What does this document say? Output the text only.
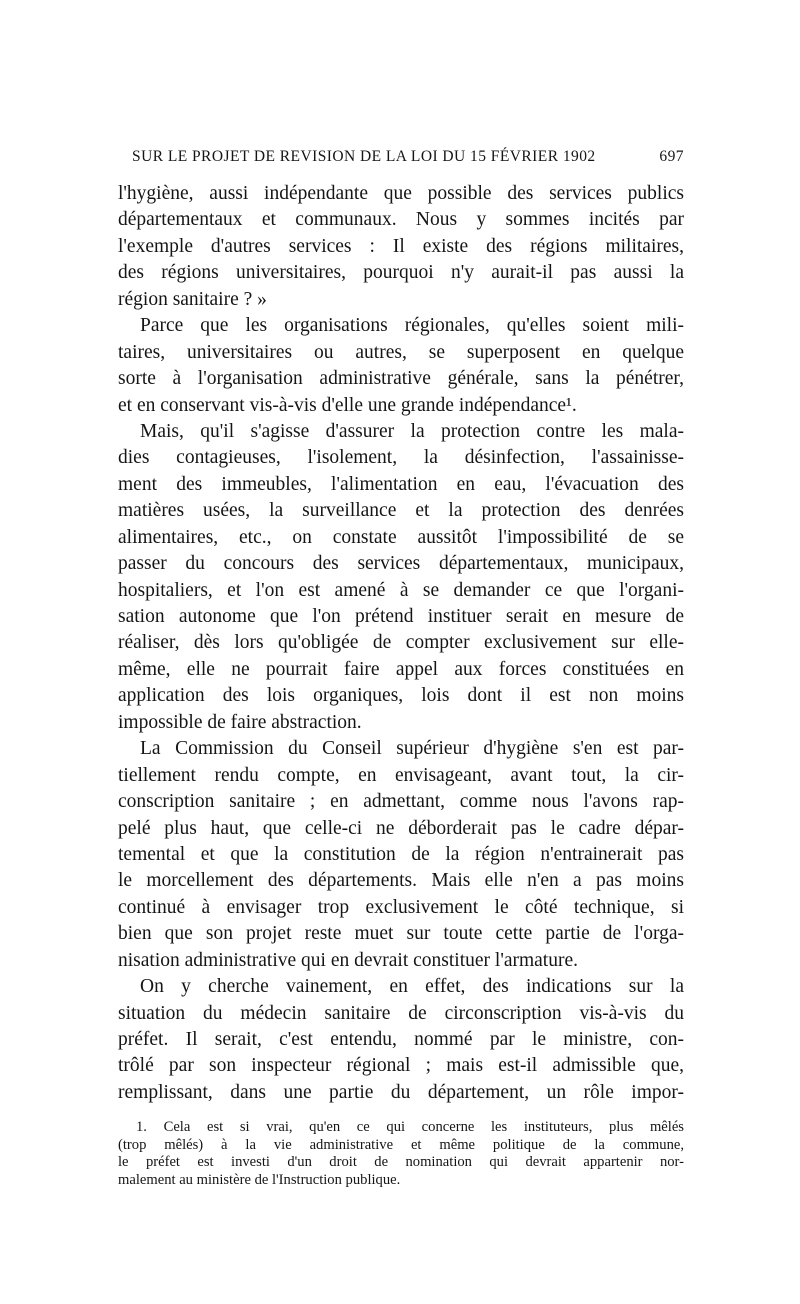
SUR LE PROJET DE REVISION DE LA LOI DU 15 FÉVRIER 1902	697

l'hygiène, aussi indépendante que possible des services publics
départementaux et communaux. Nous y sommes incités par
l'exemple d'autres services : Il existe des régions militaires,
des régions universitaires, pourquoi n'y aurait-il pas aussi la
région sanitaire ? »

Parce que les organisations régionales, qu'elles soient mili-
taires, universitaires ou autres, se superposent en quelque
sorte à l'organisation administrative générale, sans la pénétrer,
et en conservant vis-à-vis d'elle une grande indépendance¹.

Mais, qu'il s'agisse d'assurer la protection contre les mala-
dies contagieuses, l'isolement, la désinfection, l'assainisse-
ment des immeubles, l'alimentation en eau, l'évacuation des
matières usées, la surveillance et la protection des denrées
alimentaires, etc., on constate aussitôt l'impossibilité de se
passer du concours des services départementaux, municipaux,
hospitaliers, et l'on est amené à se demander ce que l'organi-
sation autonome que l'on prétend instituer serait en mesure de
réaliser, dès lors qu'obligée de compter exclusivement sur elle-
même, elle ne pourrait faire appel aux forces constituées en
application des lois organiques, lois dont il est non moins
impossible de faire abstraction.

La Commission du Conseil supérieur d'hygiène s'en est par-
tiellement rendu compte, en envisageant, avant tout, la cir-
conscription sanitaire ; en admettant, comme nous l'avons rap-
pelé plus haut, que celle-ci ne déborderait pas le cadre dépar-
temental et que la constitution de la région n'entrainerait pas
le morcellement des départements. Mais elle n'en a pas moins
continué à envisager trop exclusivement le côté technique, si
bien que son projet reste muet sur toute cette partie de l'orga-
nisation administrative qui en devrait constituer l'armature.

On y cherche vainement, en effet, des indications sur la
situation du médecin sanitaire de circonscription vis-à-vis du
préfet. Il serait, c'est entendu, nommé par le ministre, con-
trôlé par son inspecteur régional ; mais est-il admissible que,
remplissant, dans une partie du département, un rôle impor-

1. Cela est si vrai, qu'en ce qui concerne les instituteurs, plus mêlés
(trop mêlés) à la vie administrative et même politique de la commune,
le préfet est investi d'un droit de nomination qui devrait appartenir nor-
malement au ministère de l'Instruction publique.
